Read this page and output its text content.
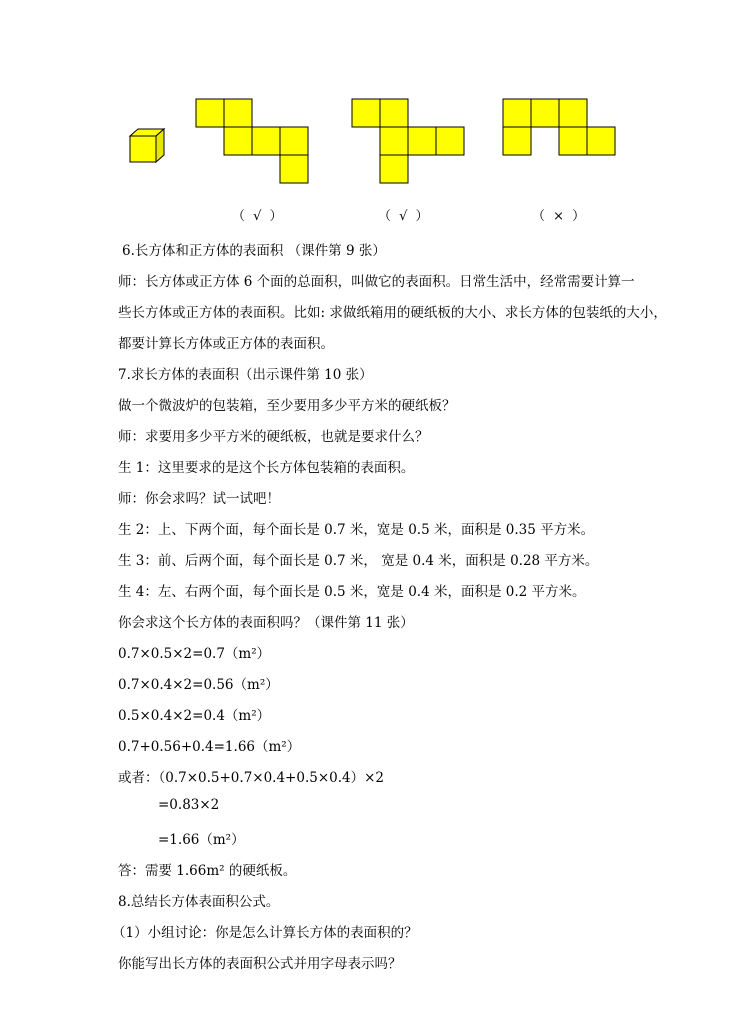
（ √ ）	（ √ ）	（ × ）
6.长方体和正方体的表面积 （课件第 9 张）
师：长方体或正方体 6 个面的总面积，叫做它的表面积。日常生活中，经常需要计算一
些长方体或正方体的表面积。比如: 求做纸箱用的硬纸板的大小、求长方体的包装纸的大小，
都要计算长方体或正方体的表面积。
7.求长方体的表面积（出示课件第 10 张）
做一个微波炉的包装箱，至少要用多少平方米的硬纸板？
师：求要用多少平方米的硬纸板，也就是要求什么？
生 1：这里要求的是这个长方体包装箱的表面积。
师：你会求吗？试一试吧！
生 2：上、下两个面，每个面长是 0.7 米，宽是 0.5 米，面积是 0.35 平方米。
生 3：前、后两个面，每个面长是 0.7 米， 宽是 0.4 米，面积是 0.28 平方米。
生 4：左、右两个面，每个面长是 0.5 米，宽是 0.4 米，面积是 0.2 平方米。
你会求这个长方体的表面积吗？（课件第 11 张）
0.7×0.5×2=0.7（m²）
0.7×0.4×2=0.56（m²）
0.5×0.4×2=0.4（m²）
0.7+0.56+0.4=1.66（m²）
或者：（0.7×0.5+0.7×0.4+0.5×0.4）×2
=0.83×2
=1.66（m²）
答：需要 1.66m² 的硬纸板。
8.总结长方体表面积公式。
（1）小组讨论：你是怎么计算长方体的表面积的？
你能写出长方体的表面积公式并用字母表示吗？
